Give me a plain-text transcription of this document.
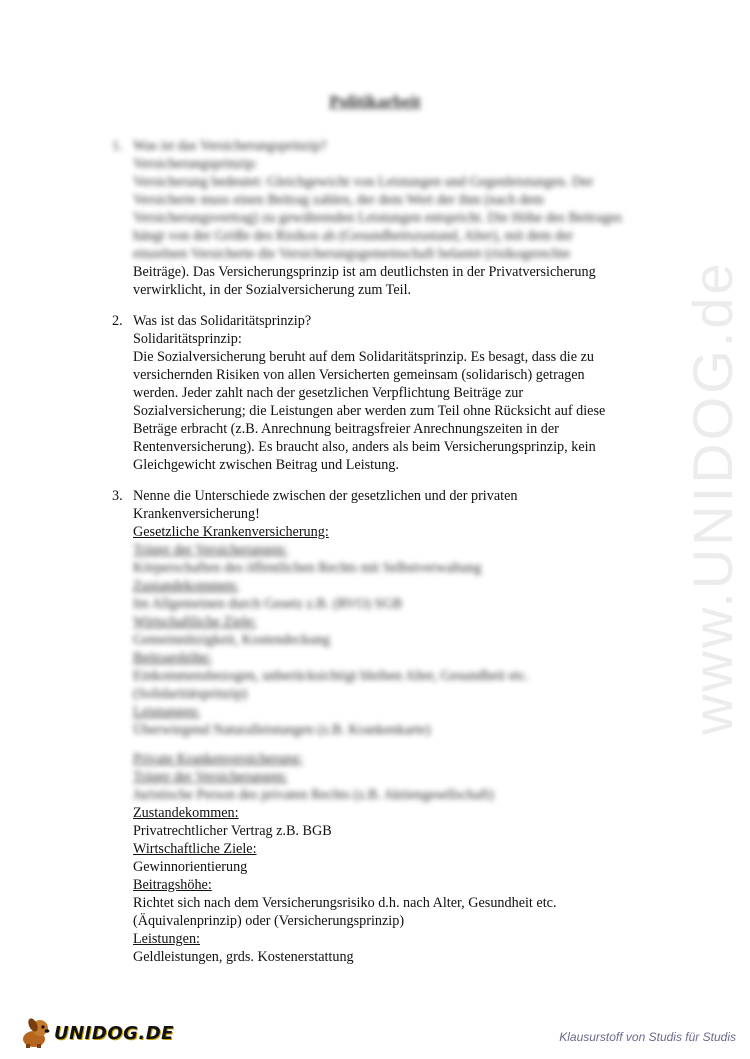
www.UNIDOG.de
Politikarbeit
1. Was ist das Versicherungsprinzip?
Versicherungsprinzip:
Versicherung bedeutet: Gleichgewicht von Leistungen und Gegenleistungen. Der
Versicherte muss einen Beitrag zahlen, der dem Wert der ihm (nach dem
Versicherungsvertrag) zu gewährenden Leistungen entspricht. Die Höhe des Beitrages
hängt von der Größe des Risikos ab (Gesundheitszustand, Alter), mit dem der
einzelnen Versicherte die Versicherungsgemeinschaft belastet (risikogerechte
Beiträge). Das Versicherungsprinzip ist am deutlichsten in der Privatversicherung
verwirklicht, in der Sozialversicherung zum Teil.
2. Was ist das Solidaritätsprinzip?
Solidaritätsprinzip:
Die Sozialversicherung beruht auf dem Solidaritätsprinzip. Es besagt, dass die zu
versichernden Risiken von allen Versicherten gemeinsam (solidarisch) getragen
werden. Jeder zahlt nach der gesetzlichen Verpflichtung Beiträge zur
Sozialversicherung; die Leistungen aber werden zum Teil ohne Rücksicht auf diese
Beträge erbracht (z.B. Anrechnung beitragsfreier Anrechnungszeiten in der
Rentenversicherung). Es braucht also, anders als beim Versicherungsprinzip, kein
Gleichgewicht zwischen Beitrag und Leistung.
3. Nenne die Unterschiede zwischen der gesetzlichen und der privaten
Krankenversicherung!
Gesetzliche Krankenversicherung:
Träger der Versicherungen:
Körperschaften des öffentlichen Rechts mit Selbstverwaltung
Zustandekommen:
Im Allgemeinen durch Gesetz z.B. (RVO) SGB
Wirtschaftliche Ziele:
Gemeinnützigkeit, Kostendeckung
Beitragshöhe:
Einkommensbezogen, unberücksichtigt bleiben Alter, Gesundheit etc.
(Solidaritätsprinzip)
Leistungen:
Überwiegend Naturalleistungen (z.B. Krankenkarte)
Private Krankenversicherung:
Träger der Versicherungen:
Juristische Person des privaten Rechts (z.B. Aktiengesellschaft)
Zustandekommen:
Privatrechtlicher Vertrag z.B. BGB
Wirtschaftliche Ziele:
Gewinnorientierung
Beitragshöhe:
Richtet sich nach dem Versicherungsrisiko d.h. nach Alter, Gesundheit etc.
(Äquivalenprinzip) oder (Versicherungsprinzip)
Leistungen:
Geldleistungen, grds. Kostenerstattung
UNIDOG.DE	Klausurstoff von Studis für Studis
